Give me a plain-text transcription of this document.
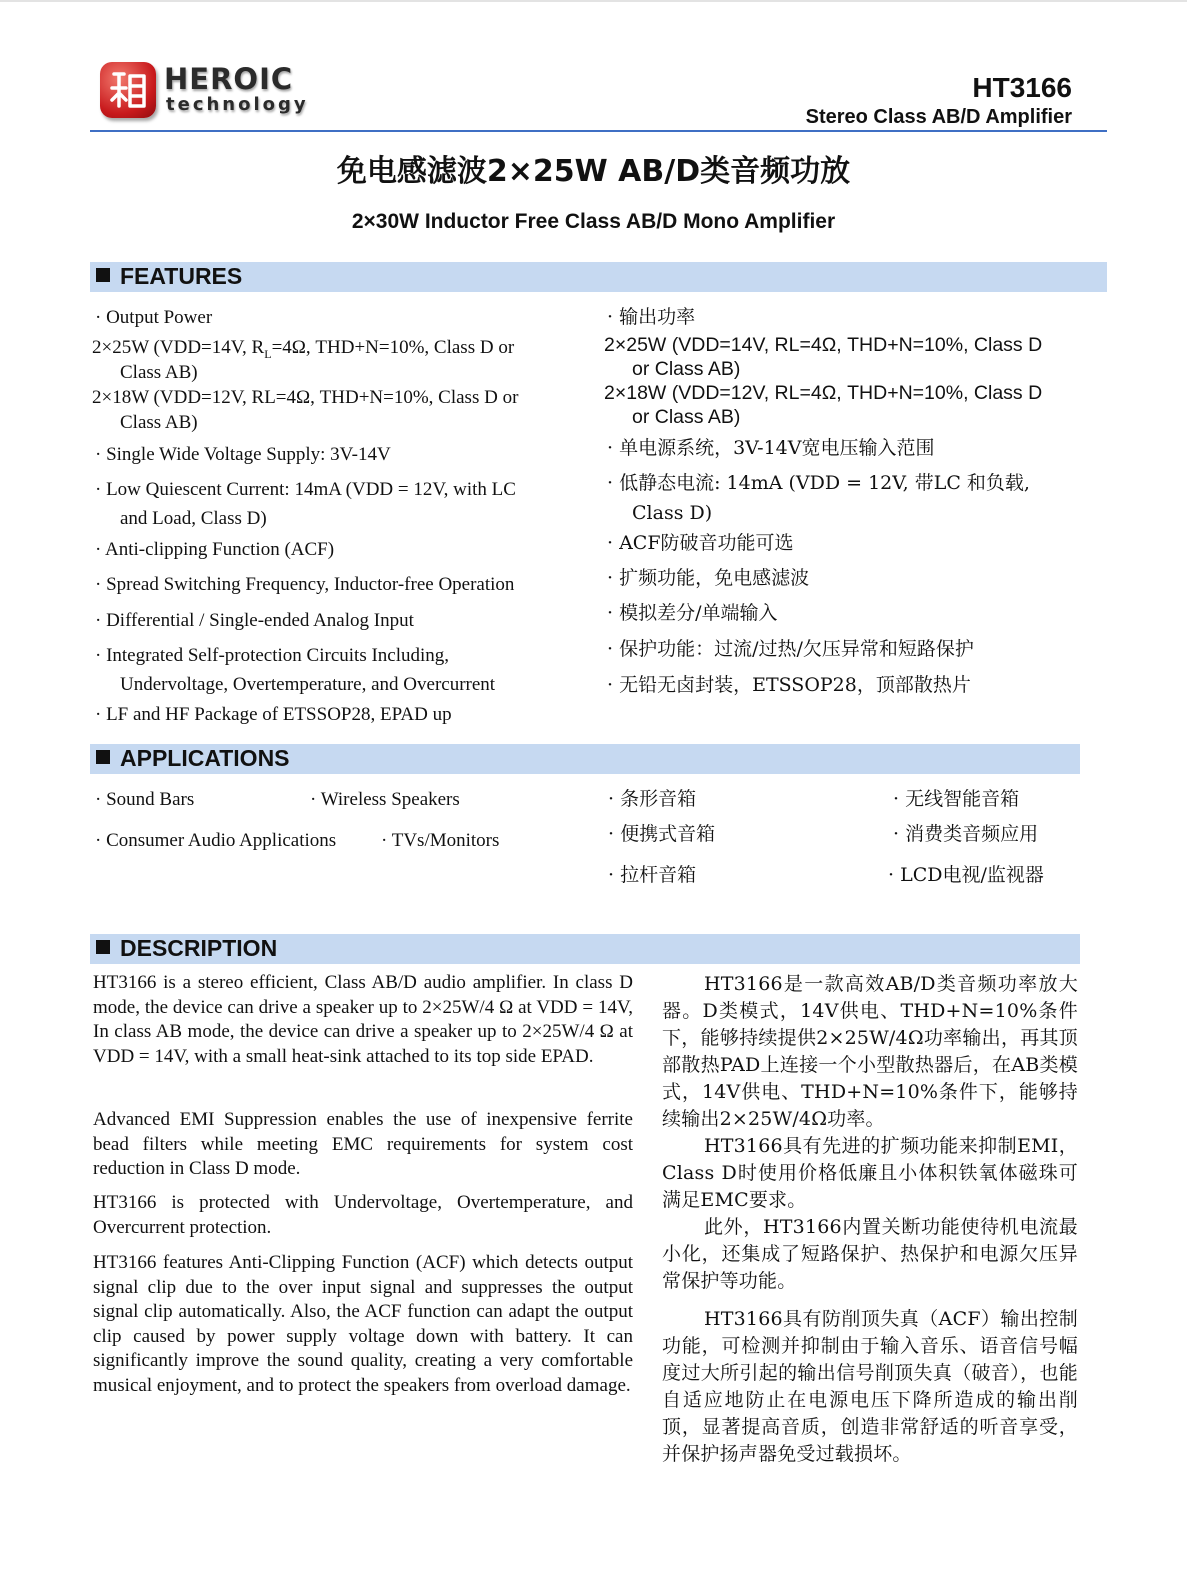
HEROIC
technology
HT3166
Stereo Class AB/D Amplifier
免电感滤波2×25W AB/D类音频功放
2×30W Inductor Free Class AB/D Mono Amplifier
FEATURES
· Output Power
2×25W (VDD=14V, $R_L=4\Omega$, THD+N=10%, Class D or
Class AB)
2×18W (VDD=12V, RL=4Ω, THD+N=10%, Class D or
Class AB)
· Single Wide Voltage Supply: 3V-14V
· Low Quiescent Current: 14mA (VDD = 12V, with LC
and Load, Class D)
· Anti-clipping Function (ACF)
· Spread Switching Frequency, Inductor-free Operation
· Differential / Single-ended Analog Input
· Integrated Self-protection Circuits Including,
Undervoltage, Overtemperature, and Overcurrent
· LF and HF Package of ETSSOP28, EPAD up
· 输出功率
2×25W (VDD=14V, RL=4Ω, THD+N=10%, Class D
or Class AB)
2×18W (VDD=12V, RL=4Ω, THD+N=10%, Class D
or Class AB)
· 单电源系统，3V-14V宽电压输入范围
· 低静态电流: 14mA (VDD = 12V, 带LC 和负载,
Class D)
· ACF防破音功能可选
· 扩频功能，免电感滤波
· 模拟差分/单端输入
· 保护功能：过流/过热/欠压异常和短路保护
· 无铅无卤封装，ETSSOP28，顶部散热片
APPLICATIONS
· Sound Bars	· Wireless Speakers
· Consumer Audio Applications · TVs/Monitors
· 条形音箱	· 无线智能音箱
· 便携式音箱	· 消费类音频应用
· 拉杆音箱	· LCD电视/监视器
DESCRIPTION
HT3166 is a stereo efficient, Class AB/D audio amplifier. In class D mode, the device can drive a speaker up to 2×25W/4 Ω at VDD = 14V, In class AB mode, the device can drive a speaker up to 2×25W/4 Ω at VDD = 14V, with a small heat-sink attached to its top side EPAD.
Advanced EMI Suppression enables the use of inexpensive ferrite bead filters while meeting EMC requirements for system cost reduction in Class D mode.
HT3166 is protected with Undervoltage, Overtemperature, and Overcurrent protection.
HT3166 features Anti-Clipping Function (ACF) which detects output signal clip due to the over input signal and suppresses the output signal clip automatically. Also, the ACF function can adapt the output clip caused by power supply voltage down with battery. It can significantly improve the sound quality, creating a very comfortable musical enjoyment, and to protect the speakers from overload damage.
HT3166是一款高效AB/D类音频功率放大器。D类模式，14V供电、THD+N=10%条件下，能够持续提供2×25W/4Ω功率输出，再其顶部散热PAD上连接一个小型散热器后，在AB类模式，14V供电、THD+N=10%条件下，能够持续输出2×25W/4Ω功率。
HT3166具有先进的扩频功能来抑制EMI，Class D时使用价格低廉且小体积铁氧体磁珠可满足EMC要求。
此外，HT3166内置关断功能使待机电流最小化，还集成了短路保护、热保护和电源欠压异常保护等功能。
HT3166具有防削顶失真（ACF）输出控制功能，可检测并抑制由于输入音乐、语音信号幅度过大所引起的输出信号削顶失真（破音），也能自适应地防止在电源电压下降所造成的输出削顶，显著提高音质，创造非常舒适的听音享受，并保护扬声器免受过载损坏。
